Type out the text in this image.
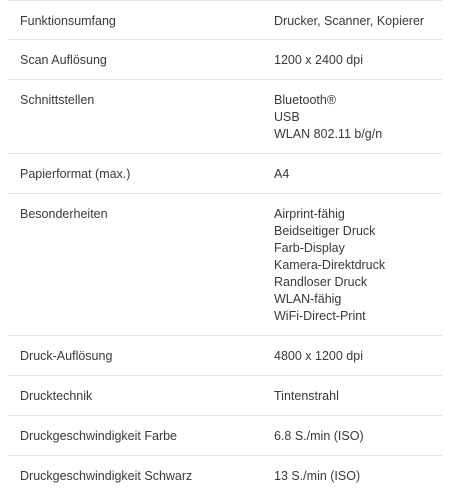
Funktionsumfang	Drucker, Scanner, Kopierer
Scan Auflösung	1200 x 2400 dpi
Schnittstellen	Bluetooth®
USB
WLAN 802.11 b/g/n
Papierformat (max.)	A4
Besonderheiten	Airprint-fähig
Beidseitiger Druck
Farb-Display
Kamera-Direktdruck
Randloser Druck
WLAN-fähig
WiFi-Direct-Print
Druck-Auflösung	4800 x 1200 dpi
Drucktechnik	Tintenstrahl
Druckgeschwindigkeit Farbe	6.8 S./min (ISO)
Druckgeschwindigkeit Schwarz	13 S./min (ISO)
